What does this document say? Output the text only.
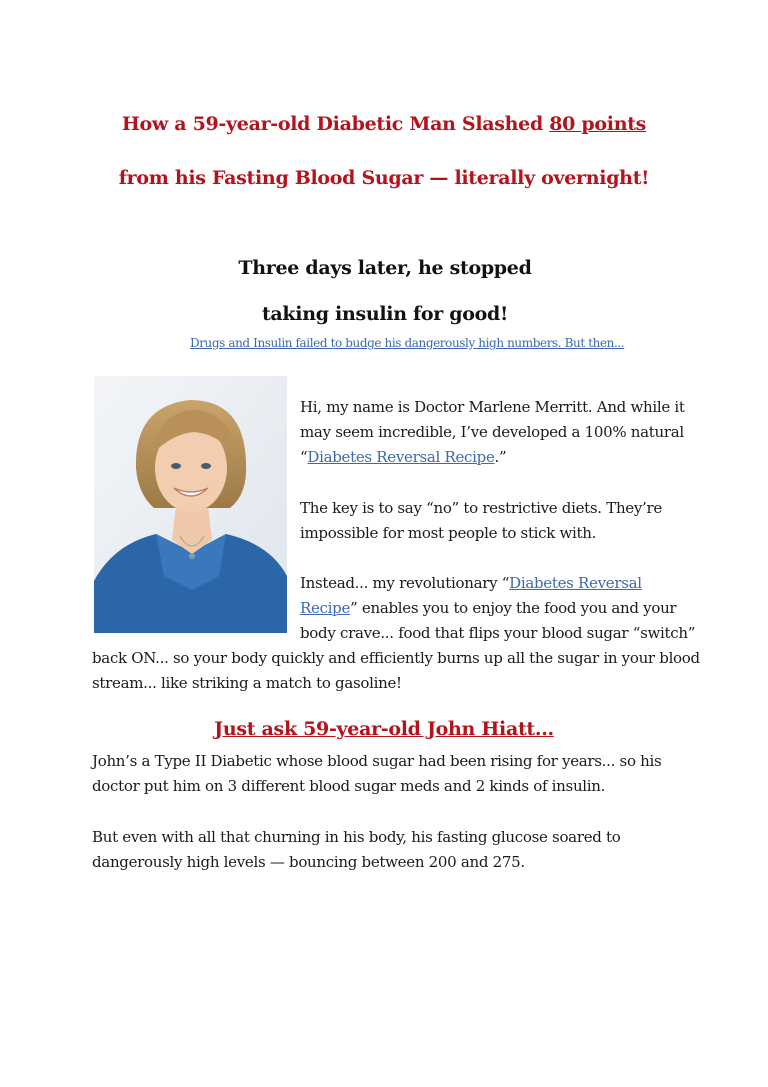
How a 59-year-old Diabetic Man Slashed 80 points
from his Fasting Blood Sugar — literally overnight!
Three days later, he stopped
taking insulin for good!
Drugs and Insulin failed to budge his dangerously high numbers. But then...
Hi, my name is Doctor Marlene Merritt. And while it may seem incredible, I’ve developed a 100% natural “Diabetes Reversal Recipe.”
The key is to say “no” to restrictive diets. They’re impossible for most people to stick with.
Instead... my revolutionary “Diabetes Reversal Recipe” enables you to enjoy the food you and your body crave... food that flips your blood sugar “switch”
back ON... so your body quickly and efficiently burns up all the sugar in your blood stream... like striking a match to gasoline!
Just ask 59-year-old John Hiatt...
John’s a Type II Diabetic whose blood sugar had been rising for years... so his doctor put him on 3 different blood sugar meds and 2 kinds of insulin.
But even with all that churning in his body, his fasting glucose soared to dangerously high levels — bouncing between 200 and 275.
